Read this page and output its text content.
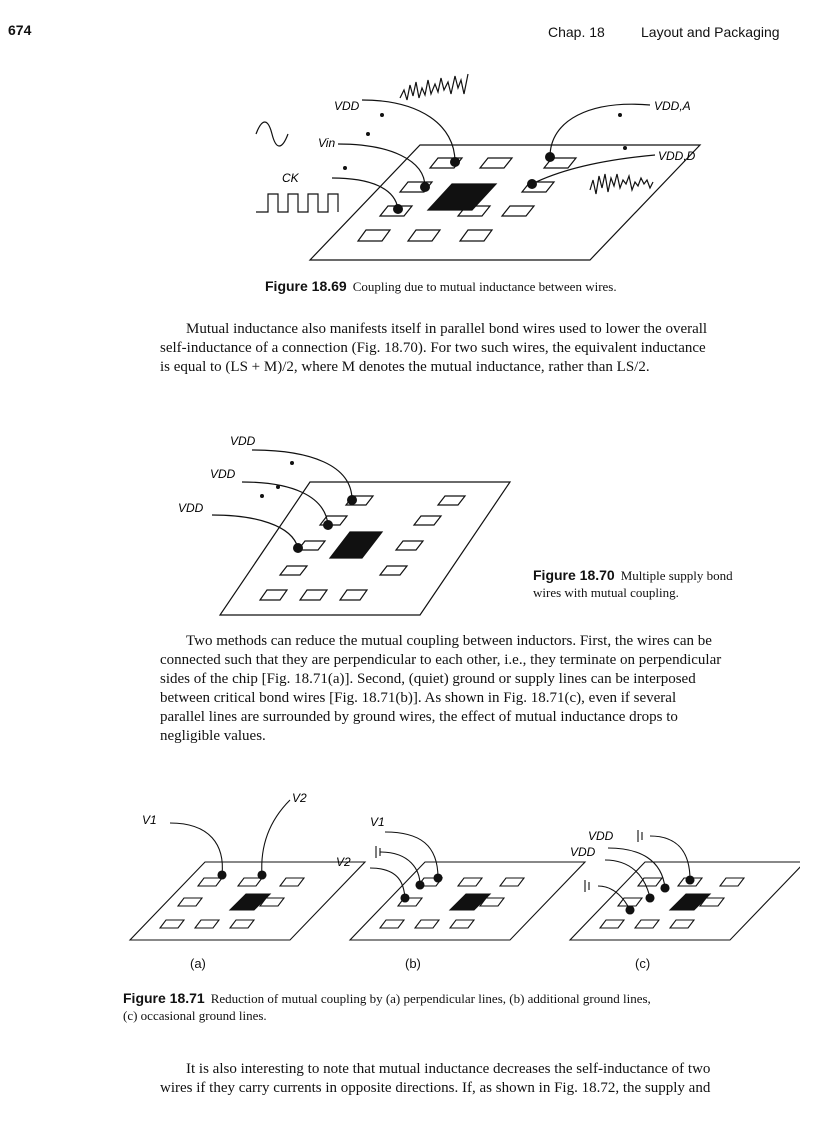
674	Chap. 18	Layout and Packaging
VDD
Vin
CK
VDD,A
VDD,D
Figure 18.69 Coupling due to mutual inductance between wires.

Mutual inductance also manifests itself in parallel bond wires used to lower the overall

self-inductance of a connection (Fig. 18.70). For two such wires, the equivalent inductance
is equal to (LS + M)/2, where M denotes the mutual inductance, rather than LS/2.
VDD
VDD
VDD
Figure 18.70 Multiple supply bond
wires with mutual coupling.

Two methods can reduce the mutual coupling between inductors. First, the wires can be

connected such that they are perpendicular to each other, i.e., they terminate on perpendicular
sides of the chip [Fig. 18.71(a)]. Second, (quiet) ground or supply lines can be interposed
between critical bond wires [Fig. 18.71(b)]. As shown in Fig. 18.71(c), even if several
parallel lines are surrounded by ground wires, the effect of mutual inductance drops to
negligible values.
V1
V2
V1
V2
VDD
VDD
(a)	(b)	(c)
Figure 18.71 Reduction of mutual coupling by (a) perpendicular lines, (b) additional ground lines,
(c) occasional ground lines.

It is also interesting to note that mutual inductance decreases the self-inductance of two

wires if they carry currents in opposite directions. If, as shown in Fig. 18.72, the supply and
